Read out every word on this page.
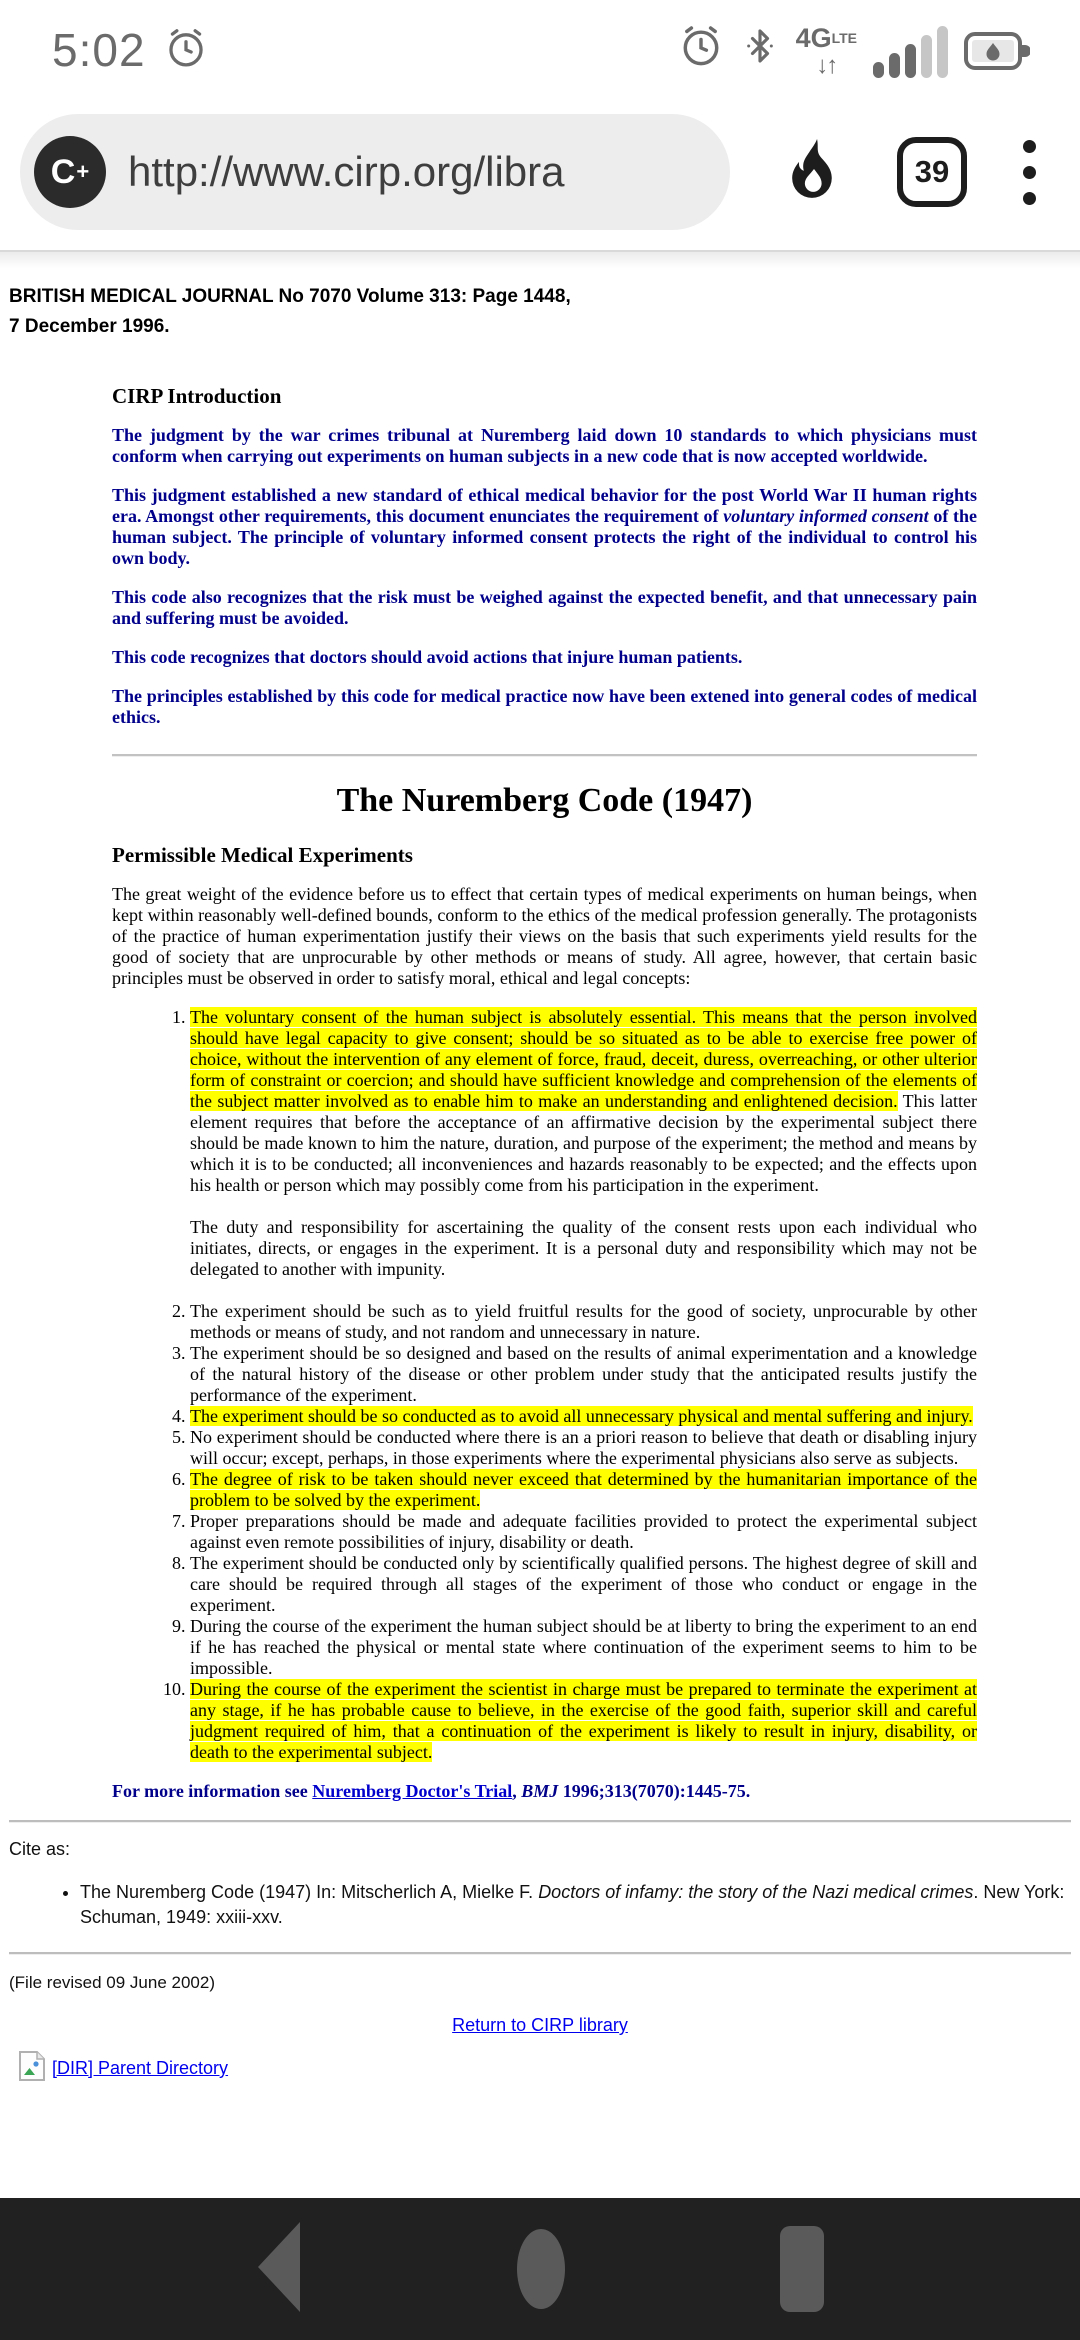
5:02	4GLTE
↓↑
C + http://www.cirp.org/libra	39
BRITISH MEDICAL JOURNAL No 7070 Volume 313: Page 1448,
7 December 1996.
CIRP Introduction

The judgment by the war crimes tribunal at Nuremberg laid down 10 standards to which physicians must conform when carrying out experiments on human subjects in a new code that is now accepted worldwide.

This judgment established a new standard of ethical medical behavior for the post World War II human rights era. Amongst other requirements, this document enunciates the requirement of voluntary informed consent of the human subject. The principle of voluntary informed consent protects the right of the individual to control his own body.

This code also recognizes that the risk must be weighed against the expected benefit, and that unnecessary pain and suffering must be avoided.

This code recognizes that doctors should avoid actions that injure human patients.

The principles established by this code for medical practice now have been extened into general codes of medical ethics.

The Nuremberg Code (1947)
Permissible Medical Experiments

The great weight of the evidence before us to effect that certain types of medical experiments on human beings, when kept within reasonably well-defined bounds, conform to the ethics of the medical profession generally. The protagonists of the practice of human experimentation justify their views on the basis that such experiments yield results for the good of society that are unprocurable by other methods or means of study. All agree, however, that certain basic principles must be observed in order to satisfy moral, ethical and legal concepts:

1. The voluntary consent of the human subject is absolutely essential. This means that the person involved should have legal capacity to give consent; should be so situated as to be able to exercise free power of choice, without the intervention of any element of force, fraud, deceit, duress, overreaching, or other ulterior form of constraint or coercion; and should have sufficient knowledge and comprehension of the elements of the subject matter involved as to enable him to make an understanding and enlightened decision. This latter element requires that before the acceptance of an affirmative decision by the experimental subject there should be made known to him the nature, duration, and purpose of the experiment; the method and means by which it is to be conducted; all inconveniences and hazards reasonably to be expected; and the effects upon his health or person which may possibly come from his participation in the experiment.

The duty and responsibility for ascertaining the quality of the consent rests upon each individual who initiates, directs, or engages in the experiment. It is a personal duty and responsibility which may not be delegated to another with impunity.

2. The experiment should be such as to yield fruitful results for the good of society, unprocurable by other methods or means of study, and not random and unnecessary in nature.
3. The experiment should be so designed and based on the results of animal experimentation and a knowledge of the natural history of the disease or other problem under study that the anticipated results justify the performance of the experiment.
4. The experiment should be so conducted as to avoid all unnecessary physical and mental suffering and injury.
5. No experiment should be conducted where there is an a priori reason to believe that death or disabling injury will occur; except, perhaps, in those experiments where the experimental physicians also serve as subjects.
6. The degree of risk to be taken should never exceed that determined by the humanitarian importance of the problem to be solved by the experiment.
7. Proper preparations should be made and adequate facilities provided to protect the experimental subject against even remote possibilities of injury, disability or death.
8. The experiment should be conducted only by scientifically qualified persons. The highest degree of skill and care should be required through all stages of the experiment of those who conduct or engage in the experiment.
9. During the course of the experiment the human subject should be at liberty to bring the experiment to an end if he has reached the physical or mental state where continuation of the experiment seems to him to be impossible.
10. During the course of the experiment the scientist in charge must be prepared to terminate the experiment at any stage, if he has probable cause to believe, in the exercise of the good faith, superior skill and careful judgment required of him, that a continuation of the experiment is likely to result in injury, disability, or death to the experimental subject.

For more information see Nuremberg Doctor's Trial, BMJ 1996;313(7070):1445-75.

Cite as:
• The Nuremberg Code (1947) In: Mitscherlich A, Mielke F. Doctors of infamy: the story of the Nazi medical crimes. New York: Schuman, 1949: xxiii-xxv.
(File revised 09 June 2002)
Return to CIRP library
[DIR] Parent Directory
